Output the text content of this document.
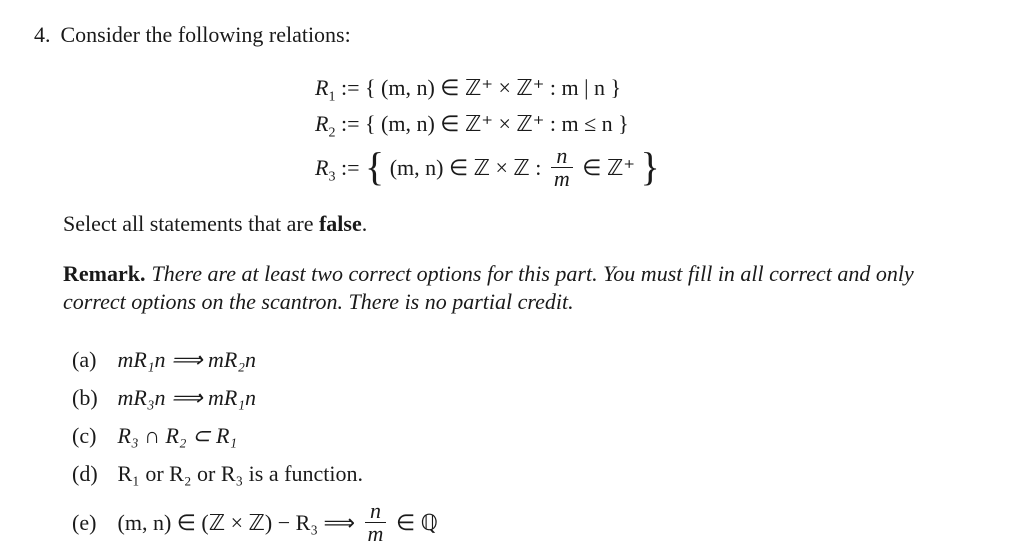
4. Consider the following relations:
$R_1$ := { (m, n) ∈ ℤ⁺ × ℤ⁺ : m | n }
$R_2$ := { (m, n) ∈ ℤ⁺ × ℤ⁺ : m ≤ n }
$R_3$ := { (m, n) ∈ ℤ × ℤ : $\frac{n}{m}$ ∈ ℤ⁺ }
Select all statements that are false.
Remark. There are at least two correct options for this part. You must fill in all correct and only correct options on the scantron. There is no partial credit.
(a) mR₁n ⟹ mR₂n
(b) mR₃n ⟹ mR₁n
(c) R₃ ∩ R₂ ⊂ R₁
(d) R₁ or R₂ or R₃ is a function.
(e) (m, n) ∈ (ℤ × ℤ) − R₃ ⟹ $\frac{n}{m}$ ∈ ℚ
